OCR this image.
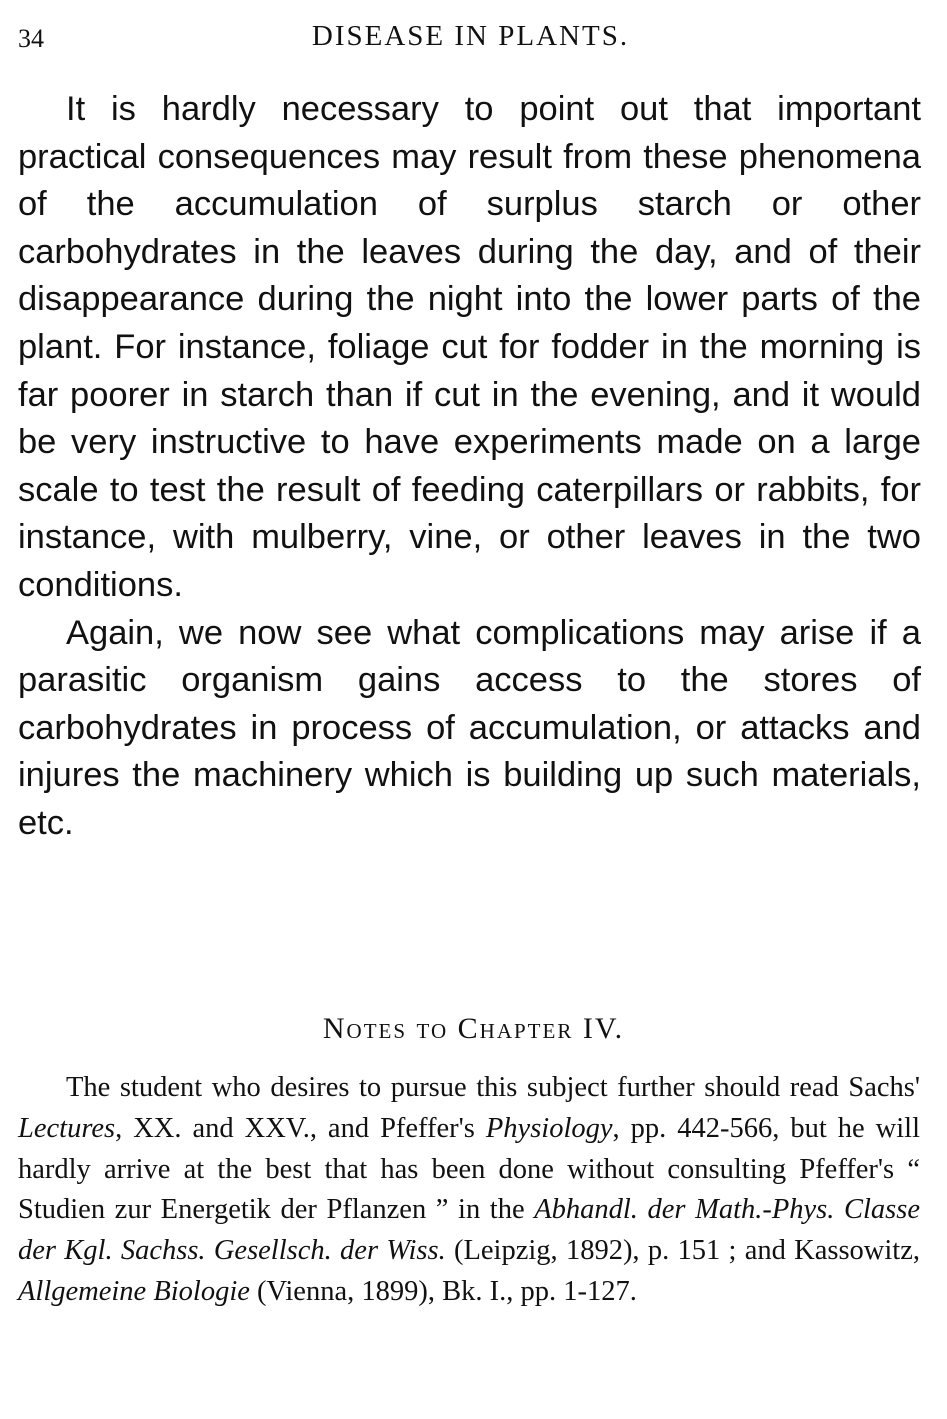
34	DISEASE IN PLANTS.

It is hardly necessary to point out that important practical consequences may result from these phenomena of the accumulation of surplus starch or other carbohydrates in the leaves during the day, and of their disappearance during the night into the lower parts of the plant. For instance, foliage cut for fodder in the morning is far poorer in starch than if cut in the evening, and it would be very instructive to have experiments made on a large scale to test the result of feeding caterpillars or rabbits, for instance, with mulberry, vine, or other leaves in the two conditions.

Again, we now see what complications may arise if a parasitic organism gains access to the stores of carbohydrates in process of accumulation, or attacks and injures the machinery which is building up such materials, etc.

Notes to Chapter IV.

The student who desires to pursue this subject further should read Sachs' Lectures, XX. and XXV., and Pfeffer's Physiology, pp. 442-566, but he will hardly arrive at the best that has been done without consulting Pfeffer's “ Studien zur Energetik der Pflanzen ” in the Abhandl. der Math.-Phys. Classe der Kgl. Sachss. Gesellsch. der Wiss. (Leipzig, 1892), p. 151 ; and Kassowitz, Allgemeine Biologie (Vienna, 1899), Bk. I., pp. 1-127.
